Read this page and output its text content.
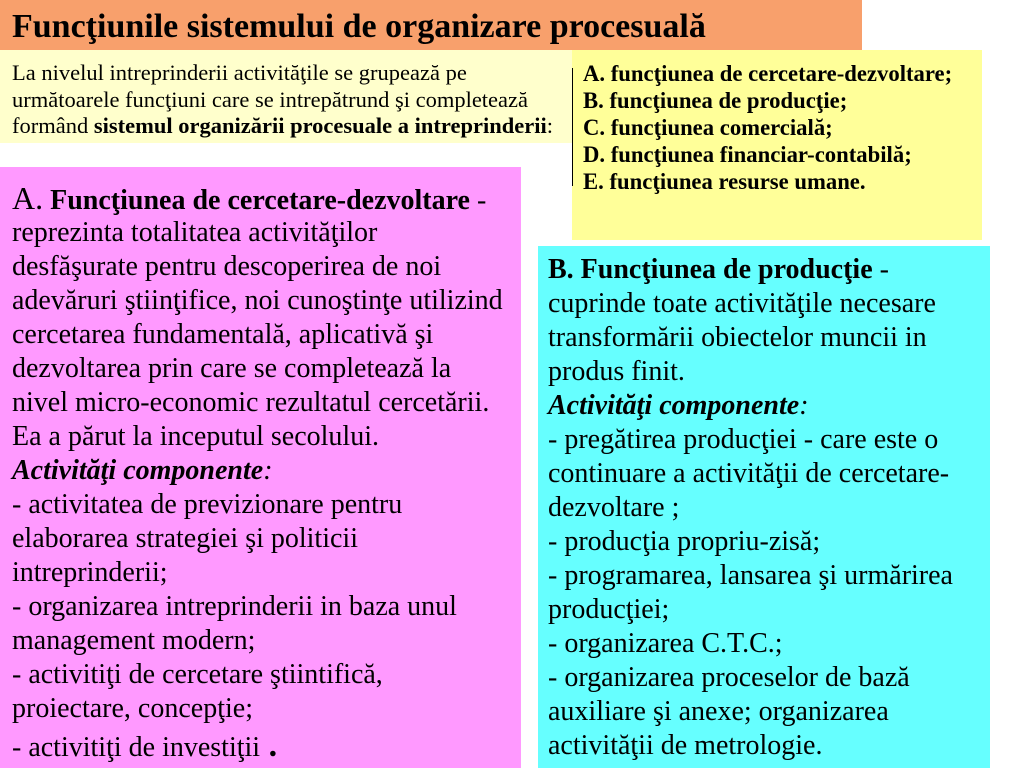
Funcţiunile sistemului de organizare procesuală
La nivelul intreprinderii activităţile se grupează pe
următoarele funcţiuni care se intrepătrund şi completează
formând sistemul organizării procesuale a intreprinderii:
A. funcţiunea de cercetare-dezvoltare;
B. funcţiunea de producţie;
C. funcţiunea comercială;
D. funcţiunea financiar-contabilă;
E. funcţiunea resurse umane.
A. Funcţiunea de cercetare-dezvoltare -
reprezinta totalitatea activităţilor
desfăşurate pentru descoperirea de noi
adevăruri ştiinţifice, noi cunoştinţe utilizind
cercetarea fundamentală, aplicativă şi
dezvoltarea prin care se completează la
nivel micro-economic rezultatul cercetării.
Ea a părut la inceputul secolului.
Activităţi componente:
- activitatea de previzionare pentru
elaborarea strategiei şi politicii
intreprinderii;
- organizarea intreprinderii in baza unul
management modern;
- activitiţi de cercetare ştiintifică,
proiectare, concepţie;
- activitiţi de investiţii .
B. Funcţiunea de producţie -
cuprinde toate activităţile necesare
transformării obiectelor muncii in
produs finit.
Activităţi componente:
- pregătirea producţiei - care este o
continuare a activităţii de cercetare-
dezvoltare ;
- producţia propriu-zisă;
- programarea, lansarea şi urmărirea
producţiei;
- organizarea C.T.C.;
- organizarea proceselor de bază
auxiliare şi anexe; organizarea
activităţii de metrologie.
